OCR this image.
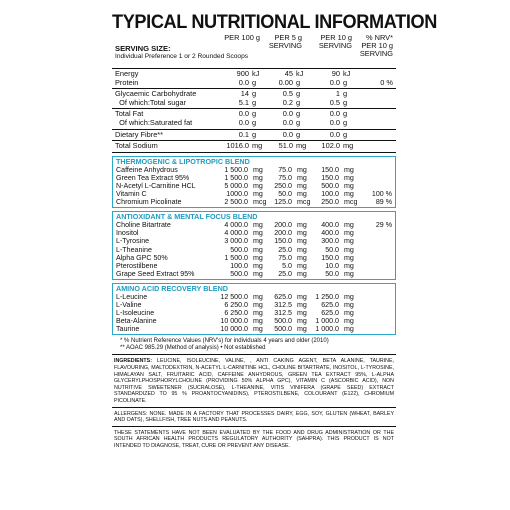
TYPICAL NUTRITIONAL INFORMATION
PER 100 g	PER 5 g
SERVING
PER 10 g
SERVING
% NRV*
PER 10 g
SERVING
SERVING SIZE:
Individual Preference 1 or 2 Rounded Scoops
Energy	900 kJ	45 kJ	90 kJ
Protein	0.0 g	0.00 g	0.0 g	0 %
Glycaemic Carbohydrate	14 g	0.5 g	1 g
Of which:Total sugar	5.1 g	0.2 g	0.5 g
Total Fat	0.0 g	0.0 g	0.0 g
Of which:Saturated fat	0.0 g	0.0 g	0.0 g
Dietary Fibre**	0.1 g	0.0 g	0.0 g
Total Sodium	1016.0 mg 51.0 mg 102.0 mg
THERMOGENIC & LIPOTROPIC BLEND
Caffeine Anhydrous	1 500.0 mg 75.0 mg 150.0 mg
Green Tea Extract 95%	1 500.0 mg 75.0 mg 150.0 mg
N-Acetyl L-Carnitine HCL	5 000.0 mg 250.0 mg 500.0 mg
Vitamin C	1000.0 mg 50.0 mg 100.0 mg	100 %
Chromium Picolinate	2 500.0 mcg 125.0 mcg 250.0 mcg	89 %
ANTIOXIDANT & MENTAL FOCUS BLEND
Choline Bitartrate	4 000.0 mg 200.0 mg 400.0 mg	29 %
Inositol	4 000.0 mg 200.0 mg 400.0 mg
L-Tyrosine	3 000.0 mg 150.0 mg 300.0 mg
L-Theanine	500.0 mg 25.0 mg	50.0 mg
Alpha GPC 50%	1 500.0 mg 75.0 mg 150.0 mg
Pterostilbene	100.0 mg	5.0 mg	10.0 mg
Grape Seed Extract 95%	500.0 mg 25.0 mg	50.0 mg
AMINO ACID RECOVERY BLEND
L-Leucine	12 500.0 mg 625.0 mg 1 250.0 mg
L-Valine	6 250.0 mg 312.5 mg 625.0 mg
L-Isoleucine	6 250.0 mg 312.5 mg 625.0 mg
Beta-Alanine	10 000.0 mg 500.0 mg 1 000.0 mg
Taurine	10 000.0 mg 500.0 mg 1 000.0 mg
* % Nutrient Reference Values (NRV's) for individuals 4 years and older (2010)
** AOAC 985.29 (Method of analysis) • Not established
INGREDIENTS: LEUCINE, ISOLEUCINE, VALINE, , ANTI CAKING AGENT, BETA ALANINE, TAURINE, FLAVOURING, MALTODEXTRIN, N-ACETYL L-CARNITINE HCL, CHOLINE BITARTRATE, INOSITOL, L-TYROSINE, HIMALAYAN SALT, FRUITARIC ACID, CAFFEINE ANHYDROUS, GREEN TEA EXTRACT 95%, L-ALPHA GLYCERYLPHOSPHORYLCHOLINE (PROVIDING 50% ALPHA GPC), VITAMIN C (ASCORBIC ACID), NON NUTRITIVE SWEETENER (SUCRALOSE), L-THEANINE, VITIS VINIFERA (GRAPE SEED) EXTRACT STANDARDIZED TO 95 % PROANTOCYANIDINS), PTEROSTILBENE, COLOURANT (E122), CHROMIUM PICOLINATE.
ALLERGENS: NONE. MADE IN A FACTORY THAT PROCESSES DAIRY, EGG, SOY, GLUTEN (WHEAT, BARLEY AND OATS), SHELLFISH, TREE NUTS AND PEANUTS.
THESE STATEMENTS HAVE NOT BEEN EVALUATED BY THE FOOD AND DRUG ADMINISTRATION OR THE SOUTH AFRICAN HEALTH PRODUCTS REGULATORY AUTHORITY (SAHPRA). THIS PRODUCT IS NOT INTENDED TO DIAGNOSE, TREAT, CURE OR PREVENT ANY DISEASE.
